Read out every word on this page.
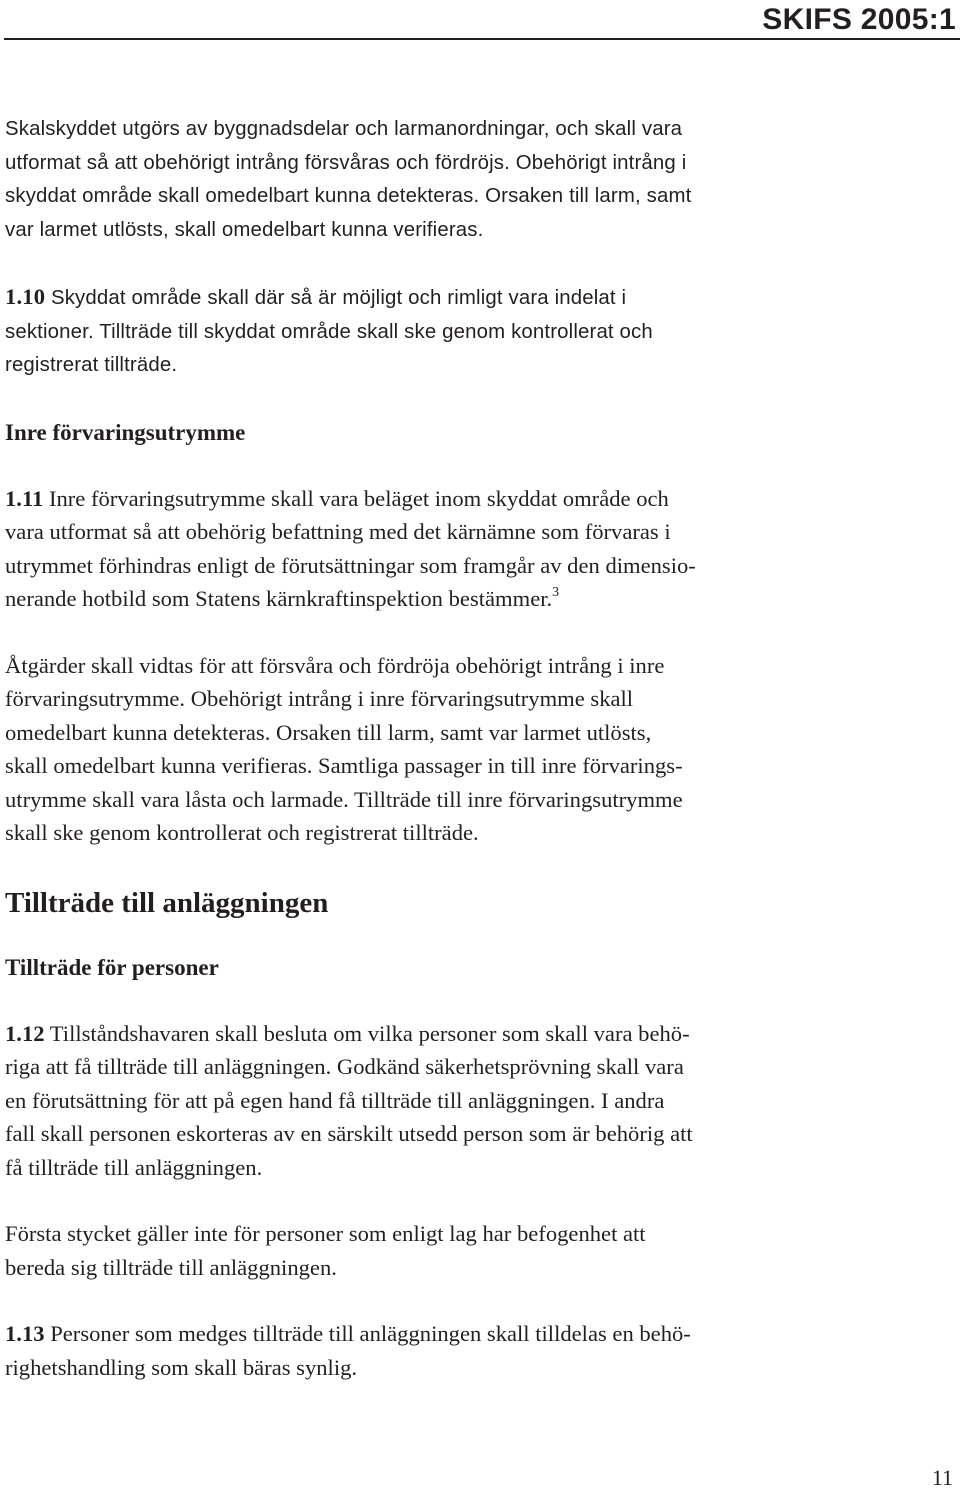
SKIFS 2005:1
Skalskyddet utgörs av byggnadsdelar och larmanordningar, och skall vara
utformat så att obehörigt intrång försvåras och fördröjs. Obehörigt intrång i
skyddat område skall omedelbart kunna detekteras. Orsaken till larm, samt
var larmet utlösts, skall omedelbart kunna verifieras.
1.10 Skyddat område skall där så är möjligt och rimligt vara indelat i
sektioner. Tillträde till skyddat område skall ske genom kontrollerat och
registrerat tillträde.
Inre förvaringsutrymme
1.11 Inre förvaringsutrymme skall vara beläget inom skyddat område och
vara utformat så att obehörig befattning med det kärnämne som förvaras i
utrymmet förhindras enligt de förutsättningar som framgår av den dimensio-
nerande hotbild som Statens kärnkraftinspektion bestämmer.$^3$
Åtgärder skall vidtas för att försvåra och fördröja obehörigt intrång i inre
förvaringsutrymme. Obehörigt intrång i inre förvaringsutrymme skall
omedelbart kunna detekteras. Orsaken till larm, samt var larmet utlösts,
skall omedelbart kunna verifieras. Samtliga passager in till inre förvarings-
utrymme skall vara låsta och larmade. Tillträde till inre förvaringsutrymme
skall ske genom kontrollerat och registrerat tillträde.
Tillträde till anläggningen
Tillträde för personer
1.12 Tillståndshavaren skall besluta om vilka personer som skall vara behö-
riga att få tillträde till anläggningen. Godkänd säkerhetsprövning skall vara
en förutsättning för att på egen hand få tillträde till anläggningen. I andra
fall skall personen eskorteras av en särskilt utsedd person som är behörig att
få tillträde till anläggningen.
Första stycket gäller inte för personer som enligt lag har befogenhet att
bereda sig tillträde till anläggningen.
1.13 Personer som medges tillträde till anläggningen skall tilldelas en behö-
righetshandling som skall bäras synlig.
11
